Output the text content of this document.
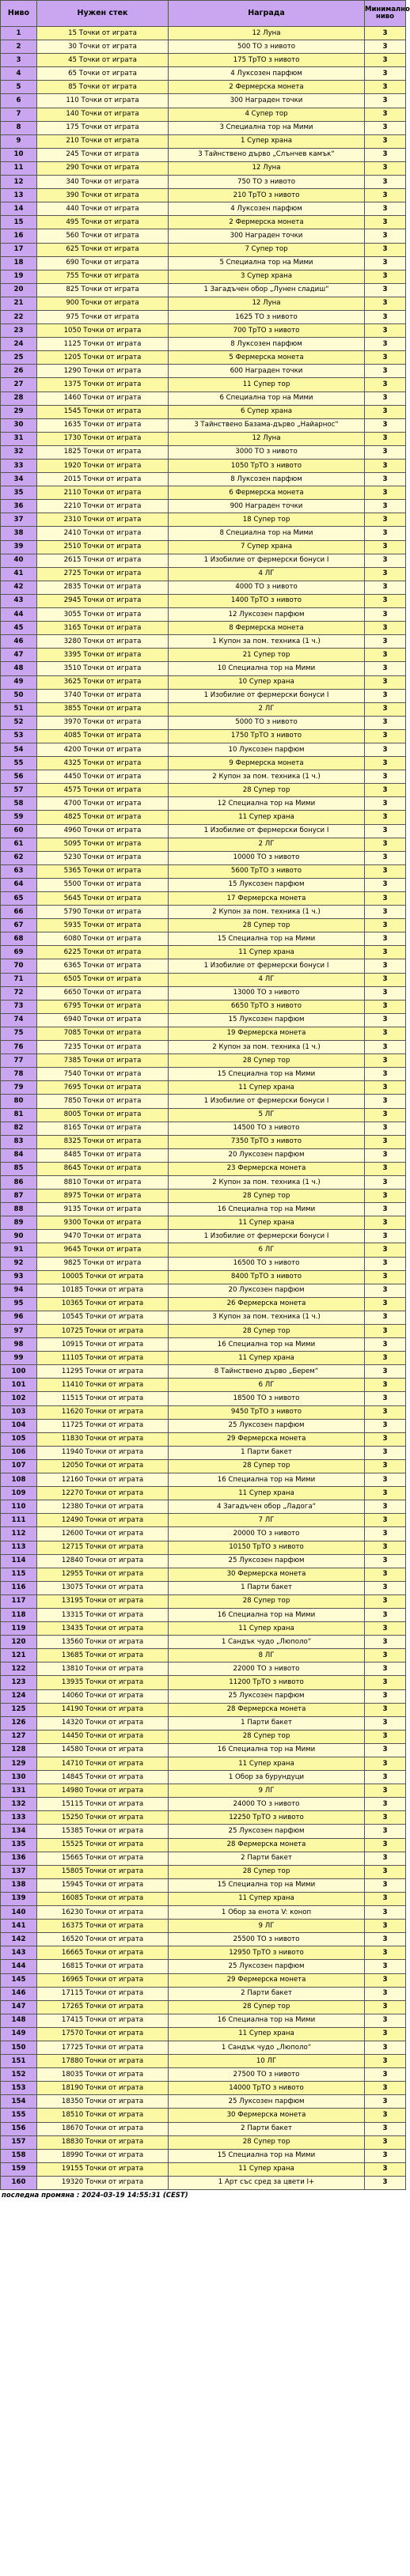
Ниво	Нужен стек	Награда	Минимално ниво
1	15 Точки от играта	12 Луна	3
2	30 Точки от играта	500 ТО з нивото	3
3	45 Точки от играта	175 ТрТО з нивото	3
4	65 Точки от играта	4 Луксозен парфюм	3
5	85 Точки от играта	2 Фермерска монета	3
6	110 Точки от играта	300 Награден точки	3
7	140 Точки от играта	4 Супер тор	3
8	175 Точки от играта	3 Специална тор на Мими	3
9	210 Точки от играта	1 Супер храна	3
10	245 Точки от играта	3 Тайнствено дърво „Слънчев камък“	3
11	290 Точки от играта	12 Луна	3
12	340 Точки от играта	750 ТО з нивото	3
13	390 Точки от играта	210 ТрТО з нивото	3
14	440 Точки от играта	4 Луксозен парфюм	3
15	495 Точки от играта	2 Фермерска монета	3
16	560 Точки от играта	300 Награден точки	3
17	625 Точки от играта	7 Супер тор	3
18	690 Точки от играта	5 Специална тор на Мими	3
19	755 Точки от играта	3 Супер храна	3
20	825 Точки от играта	1 Загадъчен обор „Лунен сладиш“	3
21	900 Точки от играта	12 Луна	3
22	975 Точки от играта	1625 ТО з нивото	3
23	1050 Точки от играта	700 ТрТО з нивото	3
24	1125 Точки от играта	8 Луксозен парфюм	3
25	1205 Точки от играта	5 Фермерска монета	3
26	1290 Точки от играта	600 Награден точки	3
27	1375 Точки от играта	11 Супер тор	3
28	1460 Точки от играта	6 Специална тор на Мими	3
29	1545 Точки от играта	6 Супер храна	3
30	1635 Точки от играта	3 Тайнствено Базама-дърво „Найарнос“	3
31	1730 Точки от играта	12 Луна	3
32	1825 Точки от играта	3000 ТО з нивото	3
33	1920 Точки от играта	1050 ТрТО з нивото	3
34	2015 Точки от играта	8 Луксозен парфюм	3
35	2110 Точки от играта	6 Фермерска монета	3
36	2210 Точки от играта	900 Награден точки	3
37	2310 Точки от играта	18 Супер тор	3
38	2410 Точки от играта	8 Специална тор на Мими	3
39	2510 Точки от играта	7 Супер храна	3
40	2615 Точки от играта	1 Изобилие от фермерски бонуси I	3
41	2725 Точки от играта	4 ЛГ	3
42	2835 Точки от играта	4000 ТО з нивото	3
43	2945 Точки от играта	1400 ТрТО з нивото	3
44	3055 Точки от играта	12 Луксозен парфюм	3
45	3165 Точки от играта	8 Фермерска монета	3
46	3280 Точки от играта	1 Купон за пом. техника (1 ч.)	3
47	3395 Точки от играта	21 Супер тор	3
48	3510 Точки от играта	10 Специална тор на Мими	3
49	3625 Точки от играта	10 Супер храна	3
50	3740 Точки от играта	1 Изобилие от фермерски бонуси I	3
51	3855 Точки от играта	2 ЛГ	3
52	3970 Точки от играта	5000 ТО з нивото	3
53	4085 Точки от играта	1750 ТрТО з нивото	3
54	4200 Точки от играта	10 Луксозен парфюм	3
55	4325 Точки от играта	9 Фермерска монета	3
56	4450 Точки от играта	2 Купон за пом. техника (1 ч.)	3
57	4575 Точки от играта	28 Супер тор	3
58	4700 Точки от играта	12 Специална тор на Мими	3
59	4825 Точки от играта	11 Супер храна	3
60	4960 Точки от играта	1 Изобилие от фермерски бонуси I	3
61	5095 Точки от играта	2 ЛГ	3
62	5230 Точки от играта	10000 ТО з нивото	3
63	5365 Точки от играта	5600 ТрТО з нивото	3
64	5500 Точки от играта	15 Луксозен парфюм	3
65	5645 Точки от играта	17 Фермерска монета	3
66	5790 Точки от играта	2 Купон за пом. техника (1 ч.)	3
67	5935 Точки от играта	28 Супер тор	3
68	6080 Точки от играта	15 Специална тор на Мими	3
69	6225 Точки от играта	11 Супер храна	3
70	6365 Точки от играта	1 Изобилие от фермерски бонуси I	3
71	6505 Точки от играта	4 ЛГ	3
72	6650 Точки от играта	13000 ТО з нивото	3
73	6795 Точки от играта	6650 ТрТО з нивото	3
74	6940 Точки от играта	15 Луксозен парфюм	3
75	7085 Точки от играта	19 Фермерска монета	3
76	7235 Точки от играта	2 Купон за пом. техника (1 ч.)	3
77	7385 Точки от играта	28 Супер тор	3
78	7540 Точки от играта	15 Специална тор на Мими	3
79	7695 Точки от играта	11 Супер храна	3
80	7850 Точки от играта	1 Изобилие от фермерски бонуси I	3
81	8005 Точки от играта	5 ЛГ	3
82	8165 Точки от играта	14500 ТО з нивото	3
83	8325 Точки от играта	7350 ТрТО з нивото	3
84	8485 Точки от играта	20 Луксозен парфюм	3
85	8645 Точки от играта	23 Фермерска монета	3
86	8810 Точки от играта	2 Купон за пом. техника (1 ч.)	3
87	8975 Точки от играта	28 Супер тор	3
88	9135 Точки от играта	16 Специална тор на Мими	3
89	9300 Точки от играта	11 Супер храна	3
90	9470 Точки от играта	1 Изобилие от фермерски бонуси I	3
91	9645 Точки от играта	6 ЛГ	3
92	9825 Точки от играта	16500 ТО з нивото	3
93	10005 Точки от играта	8400 ТрТО з нивото	3
94	10185 Точки от играта	20 Луксозен парфюм	3
95	10365 Точки от играта	26 Фермерска монета	3
96	10545 Точки от играта	3 Купон за пом. техника (1 ч.)	3
97	10725 Точки от играта	28 Супер тор	3
98	10915 Точки от играта	16 Специална тор на Мими	3
99	11105 Точки от играта	11 Супер храна	3
100	11295 Точки от играта	8 Тайнствено дърво „Берем“	3
101	11410 Точки от играта	6 ЛГ	3
102	11515 Точки от играта	18500 ТО з нивото	3
103	11620 Точки от играта	9450 ТрТО з нивото	3
104	11725 Точки от играта	25 Луксозен парфюм	3
105	11830 Точки от играта	29 Фермерска монета	3
106	11940 Точки от играта	1 Парти бакет	3
107	12050 Точки от играта	28 Супер тор	3
108	12160 Точки от играта	16 Специална тор на Мими	3
109	12270 Точки от играта	11 Супер храна	3
110	12380 Точки от играта	4 Загадъчен обор „Ладога“	3
111	12490 Точки от играта	7 ЛГ	3
112	12600 Точки от играта	20000 ТО з нивото	3
113	12715 Точки от играта	10150 ТрТО з нивото	3
114	12840 Точки от играта	25 Луксозен парфюм	3
115	12955 Точки от играта	30 Фермерска монета	3
116	13075 Точки от играта	1 Парти бакет	3
117	13195 Точки от играта	28 Супер тор	3
118	13315 Точки от играта	16 Специална тор на Мими	3
119	13435 Точки от играта	11 Супер храна	3
120	13560 Точки от играта	1 Сандък чудо „Люполо“	3
121	13685 Точки от играта	8 ЛГ	3
122	13810 Точки от играта	22000 ТО з нивото	3
123	13935 Точки от играта	11200 ТрТО з нивото	3
124	14060 Точки от играта	25 Луксозен парфюм	3
125	14190 Точки от играта	28 Фермерска монета	3
126	14320 Точки от играта	1 Парти бакет	3
127	14450 Точки от играта	28 Супер тор	3
128	14580 Точки от играта	16 Специална тор на Мими	3
129	14710 Точки от играта	11 Супер храна	3
130	14845 Точки от играта	1 Обор за бурундуци	3
131	14980 Точки от играта	9 ЛГ	3
132	15115 Точки от играта	24000 ТО з нивото	3
133	15250 Точки от играта	12250 ТрТО з нивото	3
134	15385 Точки от играта	25 Луксозен парфюм	3
135	15525 Точки от играта	28 Фермерска монета	3
136	15665 Точки от играта	2 Парти бакет	3
137	15805 Точки от играта	28 Супер тор	3
138	15945 Точки от играта	15 Специална тор на Мими	3
139	16085 Точки от играта	11 Супер храна	3
140	16230 Точки от играта	1 Обор за енота V: коноп	3
141	16375 Точки от играта	9 ЛГ	3
142	16520 Точки от играта	25500 ТО з нивото	3
143	16665 Точки от играта	12950 ТрТО з нивото	3
144	16815 Точки от играта	25 Луксозен парфюм	3
145	16965 Точки от играта	29 Фермерска монета	3
146	17115 Точки от играта	2 Парти бакет	3
147	17265 Точки от играта	28 Супер тор	3
148	17415 Точки от играта	16 Специална тор на Мими	3
149	17570 Точки от играта	11 Супер храна	3
150	17725 Точки от играта	1 Сандък чудо „Люполо“	3
151	17880 Точки от играта	10 ЛГ	3
152	18035 Точки от играта	27500 ТО з нивото	3
153	18190 Точки от играта	14000 ТрТО з нивото	3
154	18350 Точки от играта	25 Луксозен парфюм	3
155	18510 Точки от играта	30 Фермерска монета	3
156	18670 Точки от играта	2 Парти бакет	3
157	18830 Точки от играта	28 Супер тор	3
158	18990 Точки от играта	15 Специална тор на Мими	3
159	19155 Точки от играта	11 Супер храна	3
160	19320 Точки от играта	1 Арт със сред за цвети I+	3
последна промяна : 2024-03-19 14:55:31 (CEST)
